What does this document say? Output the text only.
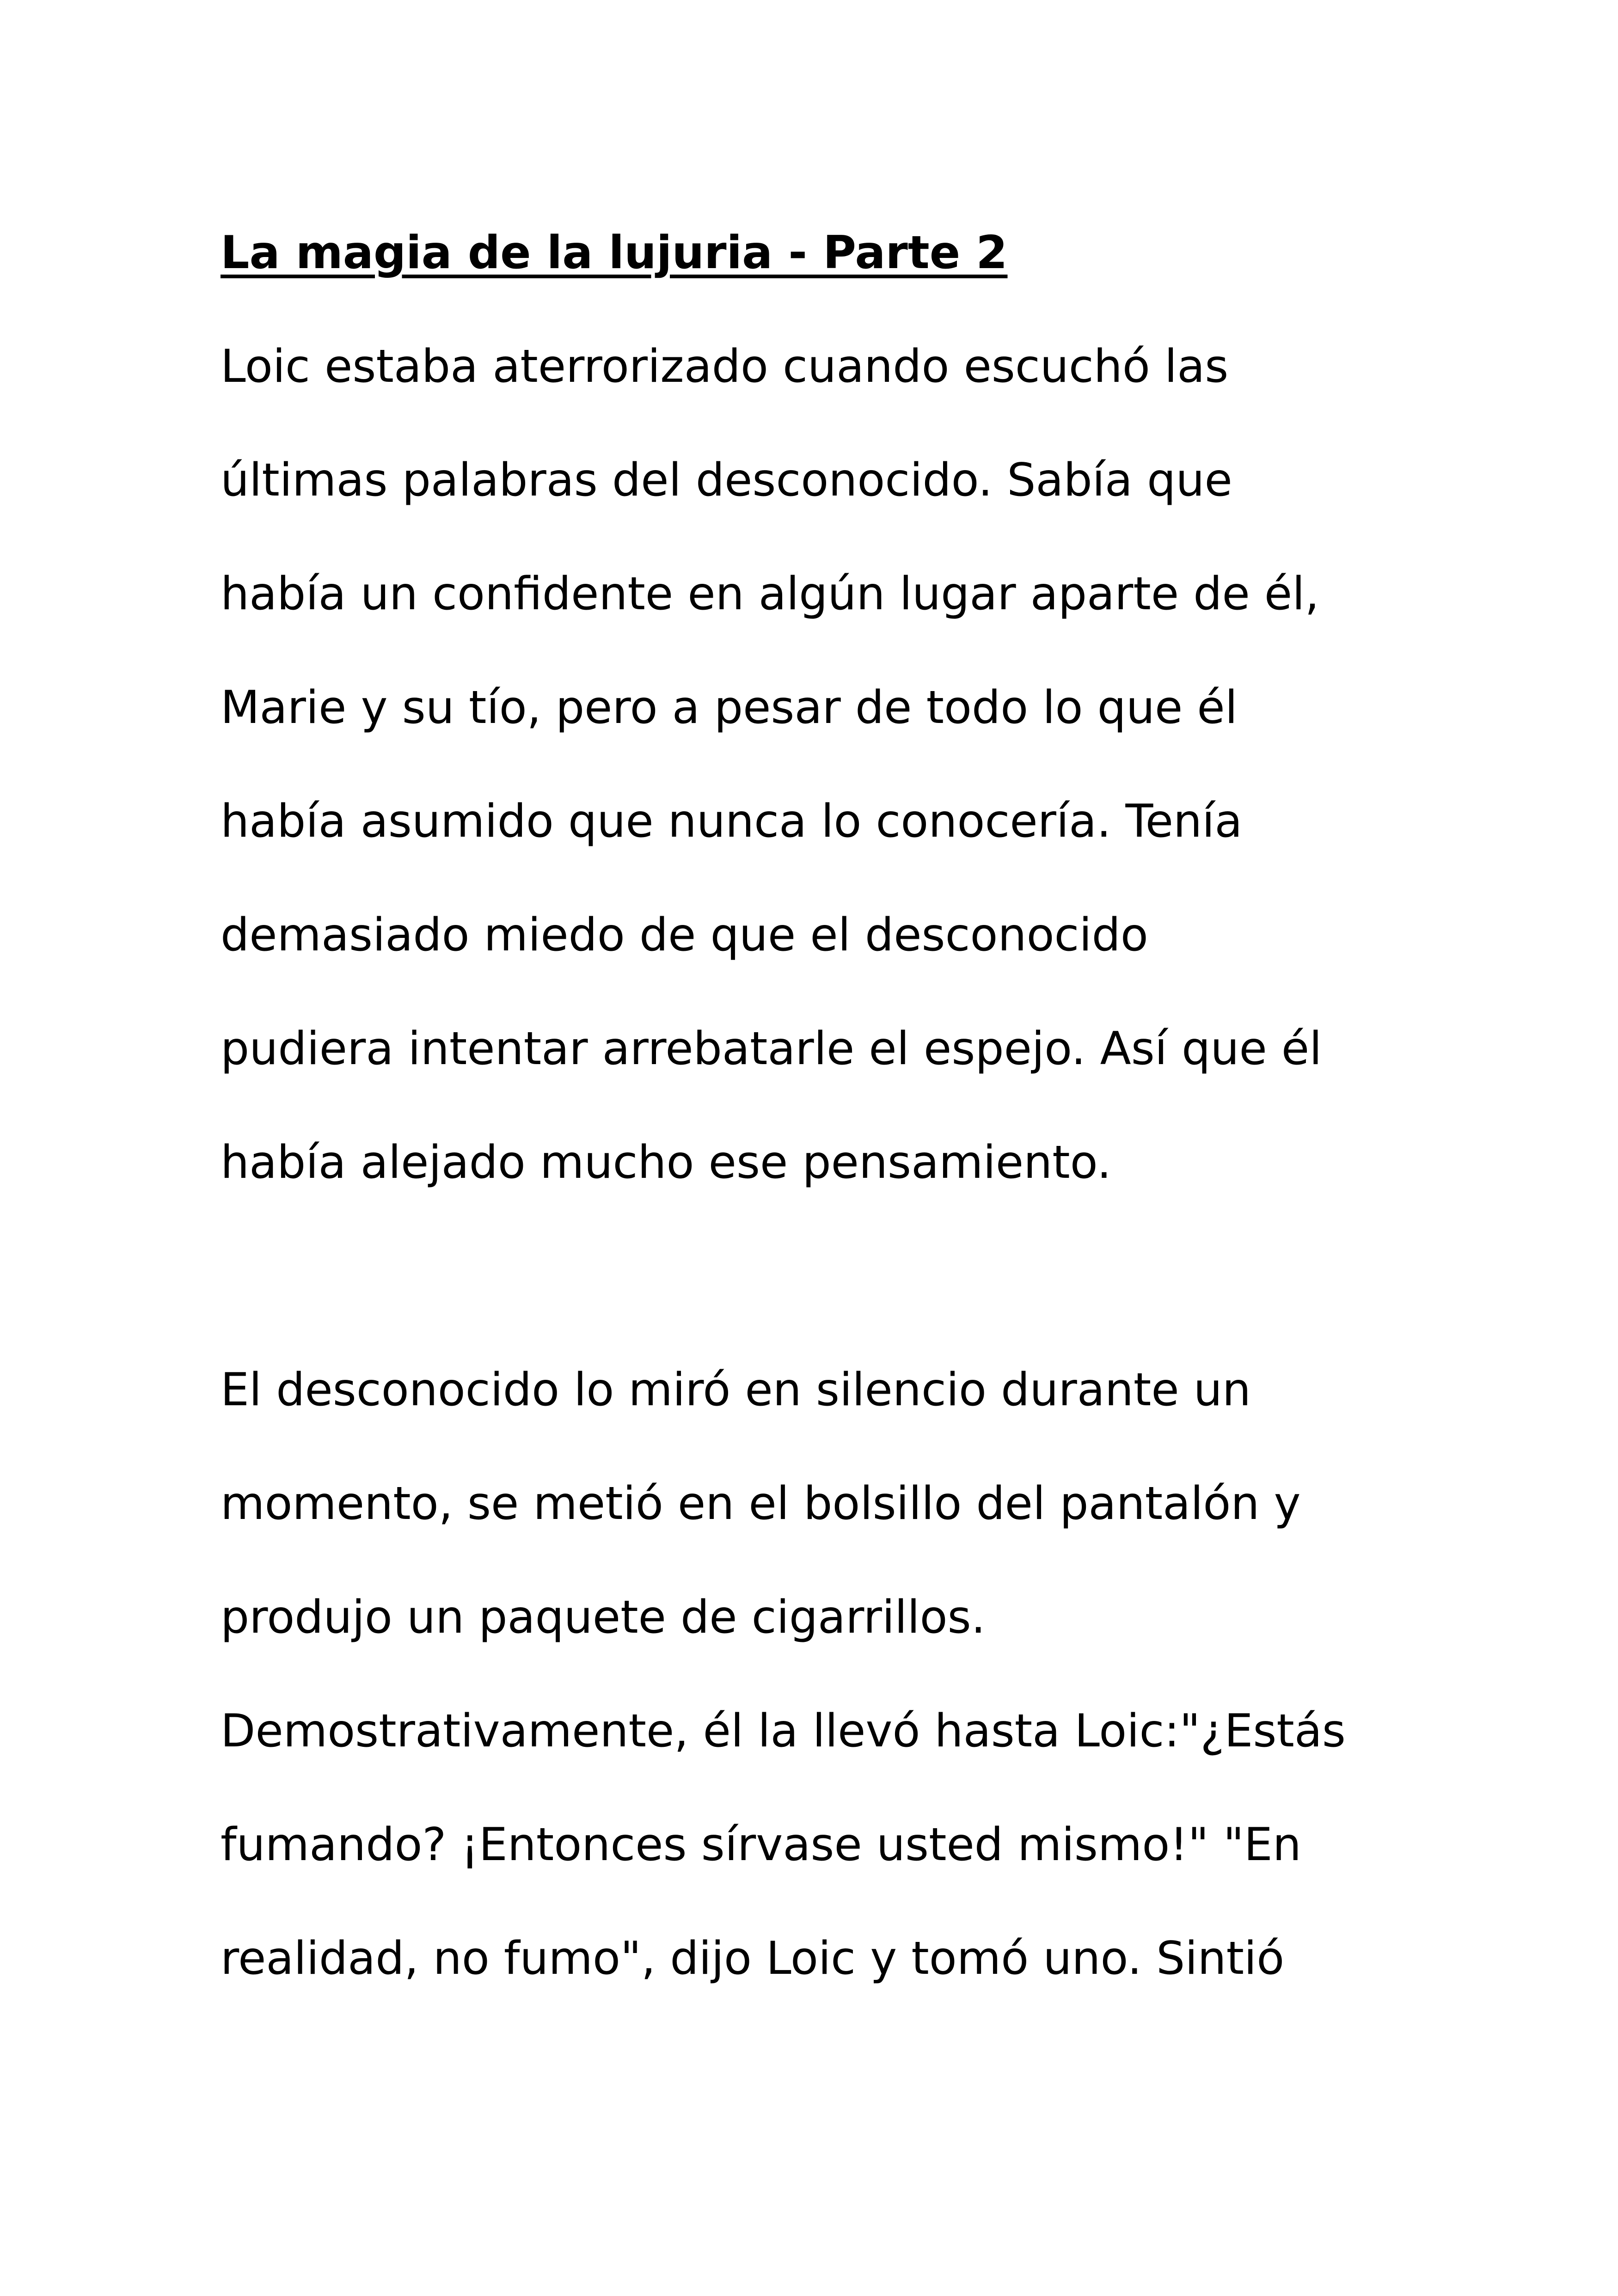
La magia de la lujuria - Parte 2
Loic estaba aterrorizado cuando escuchó las
últimas palabras del desconocido. Sabía que
había un confidente en algún lugar aparte de él,
Marie y su tío, pero a pesar de todo lo que él
había asumido que nunca lo conocería. Tenía
demasiado miedo de que el desconocido
pudiera intentar arrebatarle el espejo. Así que él
había alejado mucho ese pensamiento.
El desconocido lo miró en silencio durante un
momento, se metió en el bolsillo del pantalón y
produjo un paquete de cigarrillos.
Demostrativamente, él la llevó hasta Loic:"¿Estás
fumando? ¡Entonces sírvase usted mismo!" "En
realidad, no fumo", dijo Loic y tomó uno. Sintió
